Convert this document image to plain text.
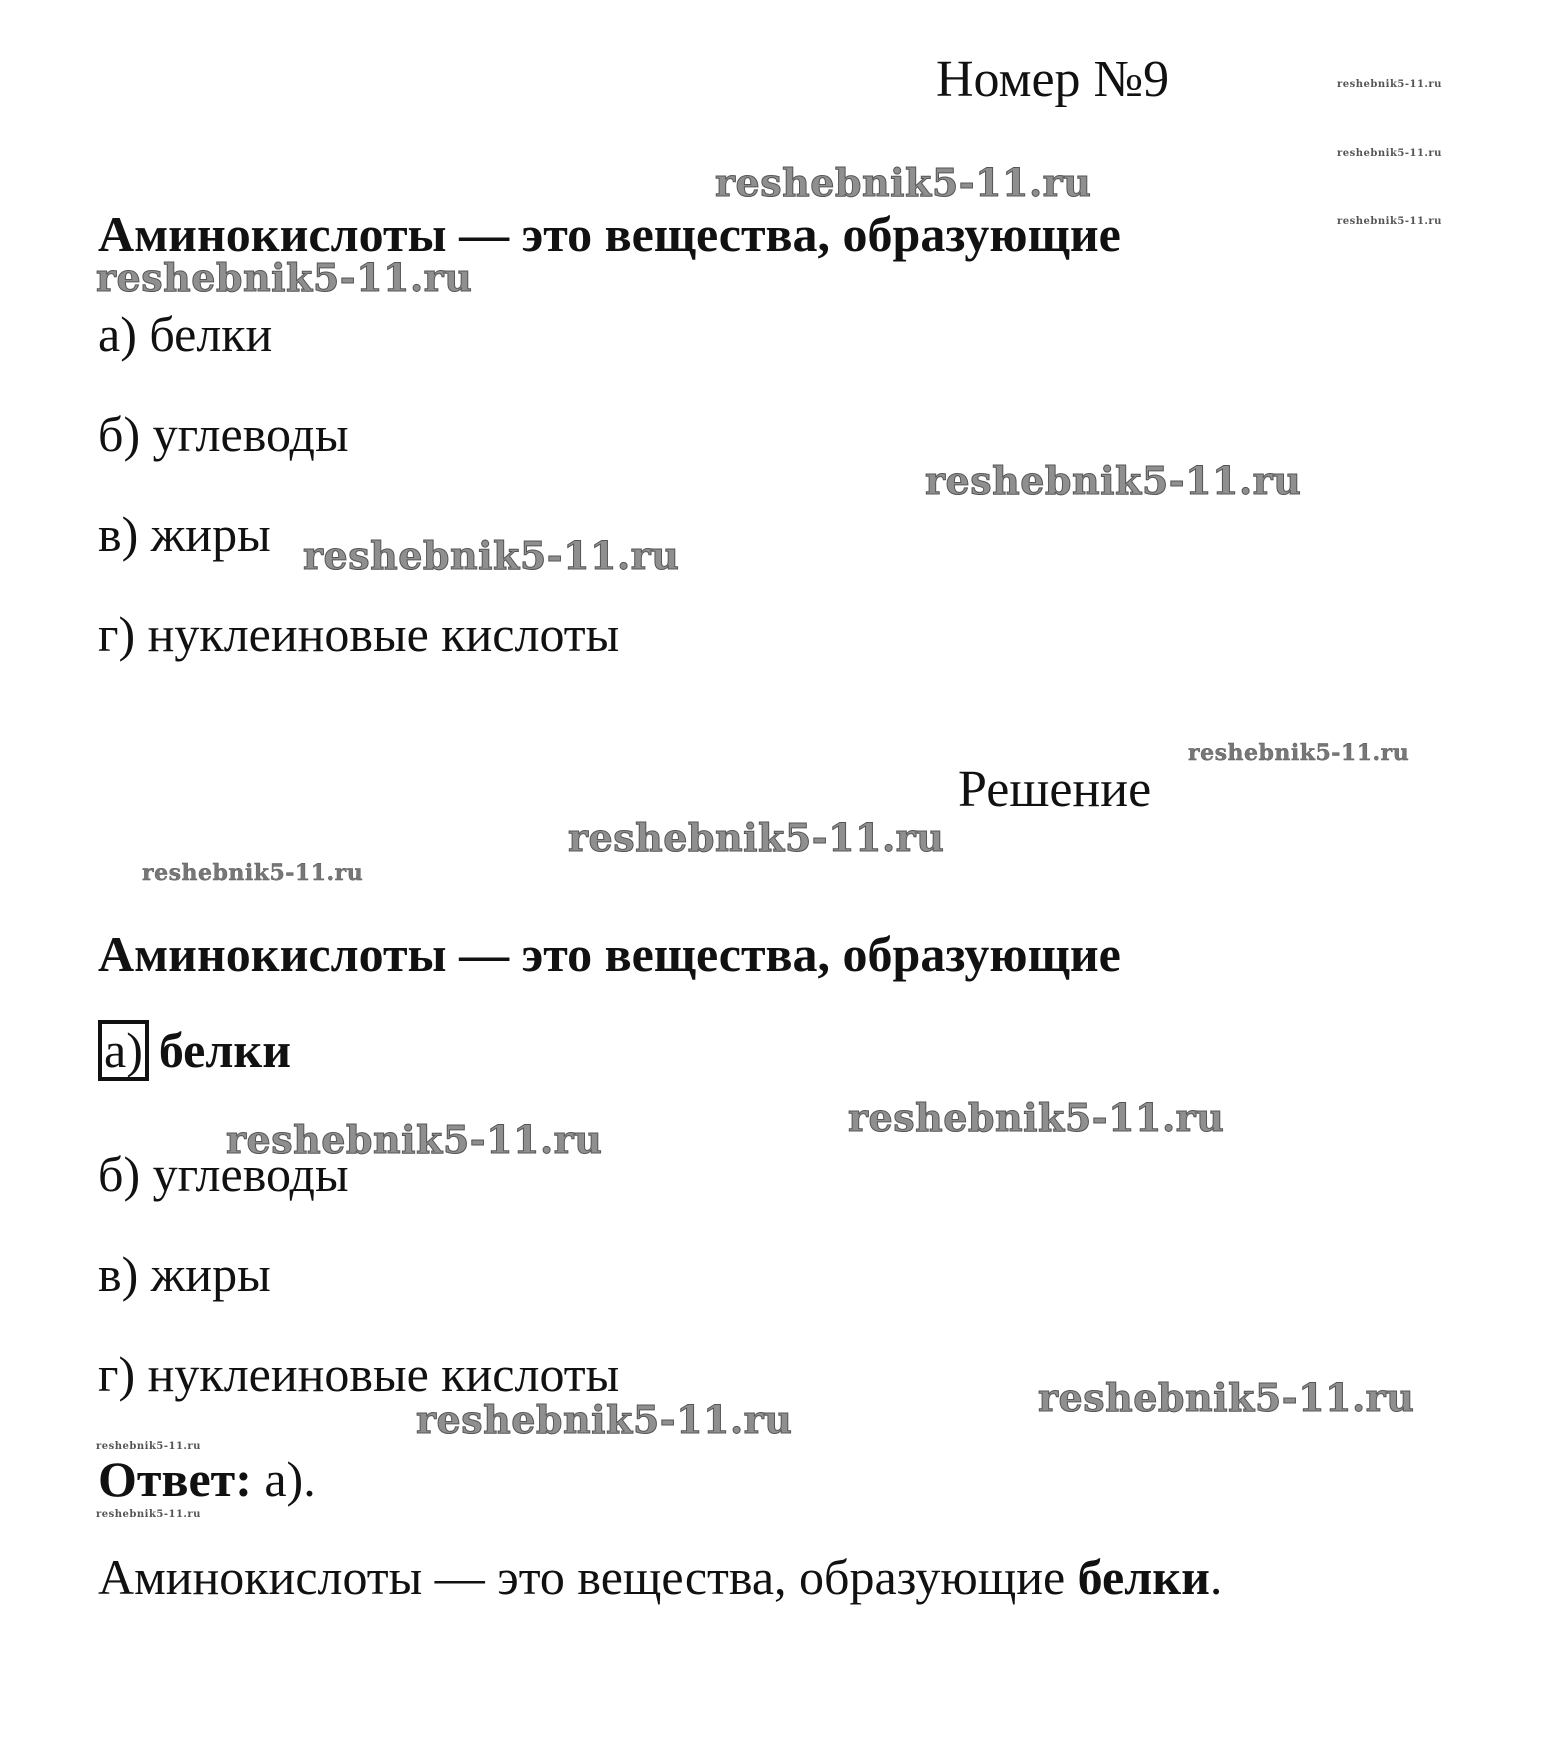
Номер №9
Аминокислоты — это вещества, образующие
а) белки
б) углеводы
в) жиры
г) нуклеиновые кислоты
Решение
Аминокислоты — это вещества, образующие
а) белки
б) углеводы
в) жиры
г) нуклеиновые кислоты
Ответ: а).
Аминокислоты — это вещества, образующие белки.
reshebnik5-11.ru
reshebnik5-11.ru
reshebnik5-11.ru
reshebnik5-11.ru
reshebnik5-11.ru
reshebnik5-11.ru
reshebnik5-11.ru
reshebnik5-11.ru
reshebnik5-11.ru
reshebnik5-11.ru
reshebnik5-11.ru
reshebnik5-11.ru
reshebnik5-11.ru
reshebnik5-11.ru
reshebnik5-11.ru
reshebnik5-11.ru
